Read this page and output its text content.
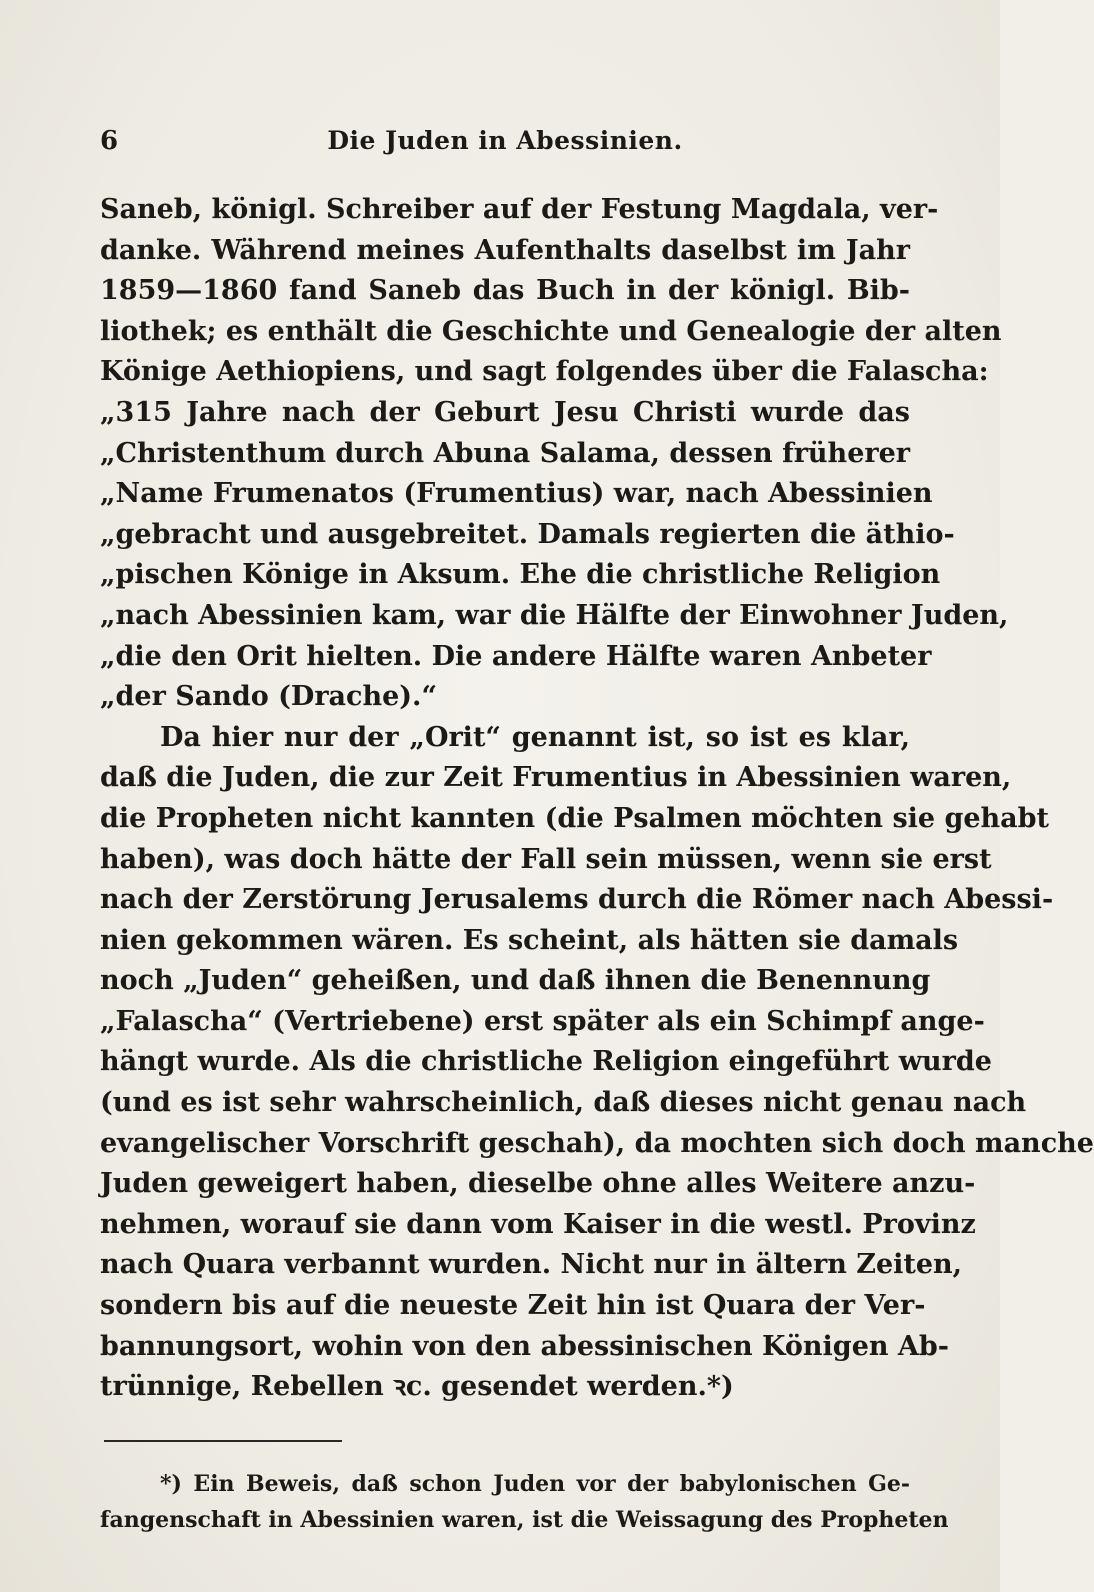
6	Die Juden in Abessinien.
Saneb, königl. Schreiber auf der Festung Magdala, ver-
danke. Während meines Aufenthalts daselbst im Jahr
1859—1860 fand Saneb das Buch in der königl. Bib-
liothek; es enthält die Geschichte und Genealogie der alten
Könige Aethiopiens, und sagt folgendes über die Falascha:
„315 Jahre nach der Geburt Jesu Christi wurde das
„Christenthum durch Abuna Salama, dessen früherer
„Name Frumenatos (Frumentius) war, nach Abessinien
„gebracht und ausgebreitet. Damals regierten die äthio-
„pischen Könige in Aksum. Ehe die christliche Religion
„nach Abessinien kam, war die Hälfte der Einwohner Juden,
„die den Orit hielten. Die andere Hälfte waren Anbeter
„der Sando (Drache).“
Da hier nur der „Orit“ genannt ist, so ist es klar,
daß die Juden, die zur Zeit Frumentius in Abessinien waren,
die Propheten nicht kannten (die Psalmen möchten sie gehabt
haben), was doch hätte der Fall sein müssen, wenn sie erst
nach der Zerstörung Jerusalems durch die Römer nach Abessi-
nien gekommen wären. Es scheint, als hätten sie damals
noch „Juden“ geheißen, und daß ihnen die Benennung
„Falascha“ (Vertriebene) erst später als ein Schimpf ange-
hängt wurde. Als die christliche Religion eingeführt wurde
(und es ist sehr wahrscheinlich, daß dieses nicht genau nach
evangelischer Vorschrift geschah), da mochten sich doch manche
Juden geweigert haben, dieselbe ohne alles Weitere anzu-
nehmen, worauf sie dann vom Kaiser in die westl. Provinz
nach Quara verbannt wurden. Nicht nur in ältern Zeiten,
sondern bis auf die neueste Zeit hin ist Quara der Ver-
bannungsort, wohin von den abessinischen Königen Ab-
trünnige, Rebellen ꝛc. gesendet werden.*)
*) Ein Beweis, daß schon Juden vor der babylonischen Ge-
fangenschaft in Abessinien waren, ist die Weissagung des Propheten
